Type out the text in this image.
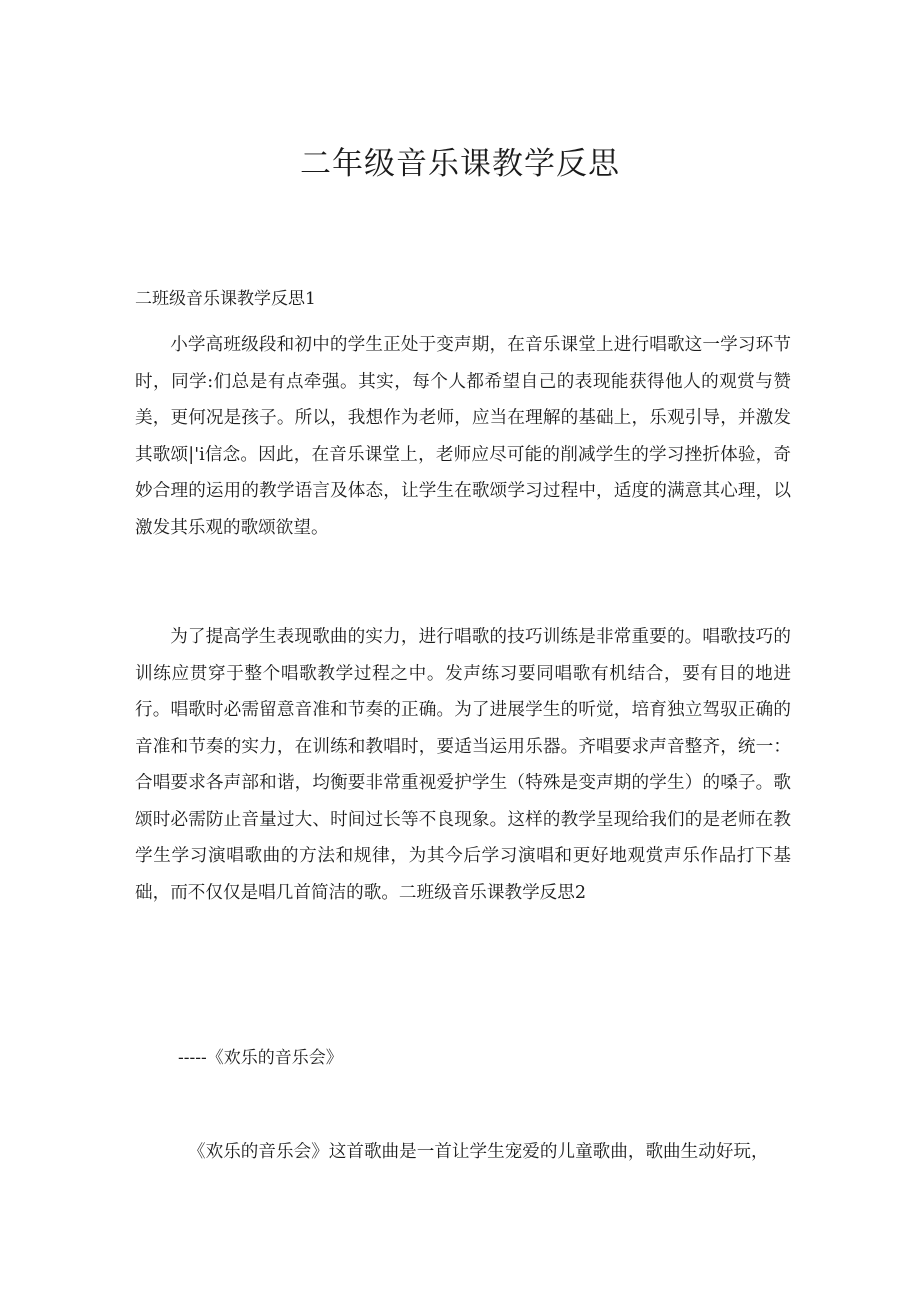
二年级音乐课教学反思

二班级音乐课教学反思1

小学高班级段和初中的学生正处于变声期，在音乐课堂上进行唱歌这一学习环节时，同学:们总是有点牵强。其实，每个人都希望自己的表现能获得他人的观赏与赞美，更何况是孩子。所以，我想作为老师，应当在理解的基础上，乐观引导，并激发其歌颂|'i信念。因此，在音乐课堂上，老师应尽可能的削减学生的学习挫折体验，奇妙合理的运用的教学语言及体态，让学生在歌颂学习过程中，适度的满意其心理，以激发其乐观的歌颂欲望。

为了提高学生表现歌曲的实力，进行唱歌的技巧训练是非常重要的。唱歌技巧的训练应贯穿于整个唱歌教学过程之中。发声练习要同唱歌有机结合，要有目的地进行。唱歌时必需留意音准和节奏的正确。为了进展学生的听觉，培育独立驾驭正确的音准和节奏的实力，在训练和教唱时，要适当运用乐器。齐唱要求声音整齐，统一：合唱要求各声部和谐，均衡要非常重视爱护学生（特殊是变声期的学生）的嗓子。歌颂时必需防止音量过大、时间过长等不良现象。这样的教学呈现给我们的是老师在教学生学习演唱歌曲的方法和规律，为其今后学习演唱和更好地观赏声乐作品打下基础，而不仅仅是唱几首简洁的歌。二班级音乐课教学反思2

-----《欢乐的音乐会》

《欢乐的音乐会》这首歌曲是一首让学生宠爱的儿童歌曲，歌曲生动好玩，
